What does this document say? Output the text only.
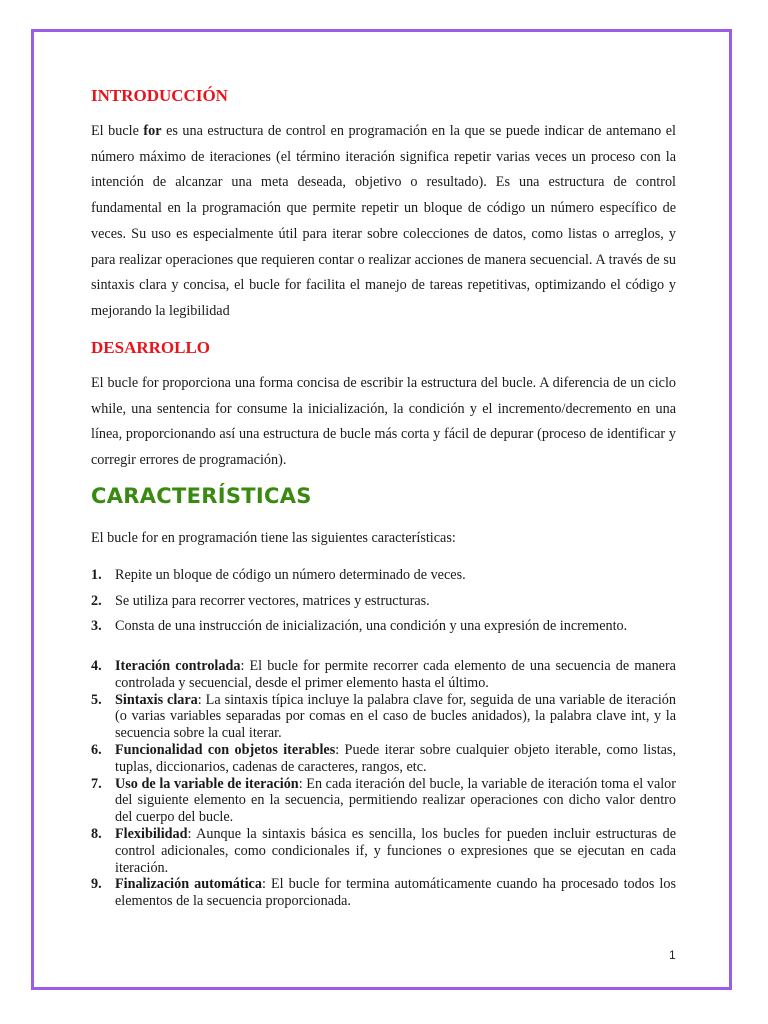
INTRODUCCIÓN

El bucle for es una estructura de control en programación en la que se puede indicar de antemano el número máximo de iteraciones (el término iteración significa repetir varias veces un proceso con la intención de alcanzar una meta deseada, objetivo o resultado). Es una estructura de control fundamental en la programación que permite repetir un bloque de código un número específico de veces. Su uso es especialmente útil para iterar sobre colecciones de datos, como listas o arreglos, y para realizar operaciones que requieren contar o realizar acciones de manera secuencial. A través de su sintaxis clara y concisa, el bucle for facilita el manejo de tareas repetitivas, optimizando el código y mejorando la legibilidad

DESARROLLO

El bucle for proporciona una forma concisa de escribir la estructura del bucle. A diferencia de un ciclo while, una sentencia for consume la inicialización, la condición y el incremento/decremento en una línea, proporcionando así una estructura de bucle más corta y fácil de depurar (proceso de identificar y corregir errores de programación).

CARACTERÍSTICAS

El bucle for en programación tiene las siguientes características:

1. Repite un bloque de código un número determinado de veces.
2. Se utiliza para recorrer vectores, matrices y estructuras.
3. Consta de una instrucción de inicialización, una condición y una expresión de incremento.
4. Iteración controlada: El bucle for permite recorrer cada elemento de una secuencia de manera controlada y secuencial, desde el primer elemento hasta el último.
5. Sintaxis clara: La sintaxis típica incluye la palabra clave for, seguida de una variable de iteración (o varias variables separadas por comas en el caso de bucles anidados), la palabra clave int, y la secuencia sobre la cual iterar.
6. Funcionalidad con objetos iterables: Puede iterar sobre cualquier objeto iterable, como listas, tuplas, diccionarios, cadenas de caracteres, rangos, etc.
7. Uso de la variable de iteración: En cada iteración del bucle, la variable de iteración toma el valor del siguiente elemento en la secuencia, permitiendo realizar operaciones con dicho valor dentro del cuerpo del bucle.
8. Flexibilidad: Aunque la sintaxis básica es sencilla, los bucles for pueden incluir estructuras de control adicionales, como condicionales if, y funciones o expresiones que se ejecutan en cada iteración.
9. Finalización automática: El bucle for termina automáticamente cuando ha procesado todos los elementos de la secuencia proporcionada.
1
